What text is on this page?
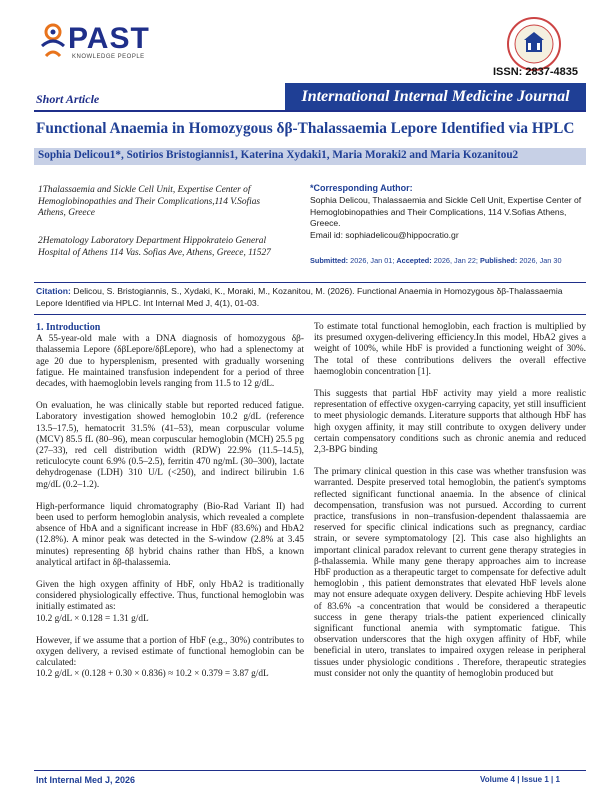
PAST
KNOWLEDGE PEOPLE
ISSN: 2837-4835
Short Article	International Internal Medicine Journal
Functional Anaemia in Homozygous δβ-Thalassaemia Lepore Identified via HPLC
Sophia Delicou1*, Sotirios Bristogiannis1, Katerina Xydaki1, Maria Moraki2 and Maria Kozanitou2
1Thalassaemia and Sickle Cell Unit, Expertise Center of Hemoglobinopathies and Their Complications,114 V.Sofias Athens, Greece
2Hematology Laboratory Department Hippokrateio General Hospital of Athens 114 Vas. Sofias Ave, Athens, Greece, 11527
*Corresponding Author:
Sophia Delicou, Thalassaemia and Sickle Cell Unit, Expertise Center of Hemoglobinopathies and Their Complications, 114 V.Sofias Athens, Greece.
Email id: sophiadelicou@hippocratio.gr
Submitted: 2026, Jan 01; Accepted: 2026, Jan 22; Published: 2026, Jan 30
Citation: Delicou, S. Bristogiannis, S., Xydaki, K., Moraki, M., Kozanitou, M. (2026). Functional Anaemia in Homozygous δβ-Thalassaemia Lepore Identified via HPLC. Int Internal Med J, 4(1), 01-03.
1. Introduction

A 55-year-old male with a DNA diagnosis of homozygous δβ-thalassemia Lepore (δβLepore/δβLepore), who had a splenectomy at age 20 due to hypersplenism, presented with gradually worsening fatigue. He maintained transfusion independent for a period of three decades, with haemoglobin levels ranging from 11.5 to 12 g/dL.

On evaluation, he was clinically stable but reported reduced fatigue. Laboratory investigation showed hemoglobin 10.2 g/dL (reference 13.5–17.5), hematocrit 31.5% (41–53), mean corpuscular volume (MCV) 85.5 fL (80–96), mean corpuscular hemoglobin (MCH) 25.5 pg (27–33), red cell distribution width (RDW) 22.9% (11.5–14.5), reticulocyte count 6.9% (0.5–2.5), ferritin 470 ng/mL (30–300), lactate dehydrogenase (LDH) 310 U/L (<250), and indirect bilirubin 1.6 mg/dL (0.2–1.2).

High-performance liquid chromatography (Bio-Rad Variant II) had been used to perform hemoglobin analysis, which revealed a complete absence of HbA and a significant increase in HbF (83.6%) and HbA2 (12.8%). A minor peak was detected in the S-window (2.8% at 3.45 minutes) representing δβ hybrid chains rather than HbS, a known analytical artifact in δβ-thalassemia.

Given the high oxygen affinity of HbF, only HbA2 is traditionally considered physiologically effective. Thus, functional hemoglobin was initially estimated as:

10.2 g/dL × 0.128 = 1.31 g/dL

However, if we assume that a portion of HbF (e.g., 30%) contributes to oxygen delivery, a revised estimate of functional hemoglobin can be calculated:

10.2 g/dL × (0.128 + 0.30 × 0.836) ≈ 10.2 × 0.379 = 3.87 g/dL

To estimate total functional hemoglobin, each fraction is multiplied by its presumed oxygen-delivering efficiency.In this model, HbA2 gives a weight of 100%, while HbF is provided a functioning weight of 30%. The total of these contributions delivers the overall effective haemoglobin concentration [1].

This suggests that partial HbF activity may yield a more realistic representation of effective oxygen-carrying capacity, yet still insufficient to meet physiologic demands. Literature supports that although HbF has high oxygen affinity, it may still contribute to oxygen delivery under certain compensatory conditions such as chronic anemia and reduced 2,3-BPG binding

The primary clinical question in this case was whether transfusion was warranted. Despite preserved total hemoglobin, the patient's symptoms reflected significant functional anaemia. In the absence of clinical decompensation, transfusion was not pursued. According to current practice, transfusions in non–transfusion-dependent thalassaemia are reserved for specific clinical indications such as pregnancy, cardiac strain, or severe symptomatology [2]. This case also highlights an important clinical paradox relevant to current gene therapy strategies in β-thalassemia. While many gene therapy approaches aim to increase HbF production as a therapeutic target to compensate for defective adult hemoglobin , this patient demonstrates that elevated HbF levels alone may not ensure adequate oxygen delivery. Despite achieving HbF levels of 83.6% -a concentration that would be considered a therapeutic success in gene therapy trials-the patient experienced clinically significant functional anemia with symptomatic fatigue. This observation underscores that the high oxygen affinity of HbF, while beneficial in utero, translates to impaired oxygen release in peripheral tissues under physiologic conditions . Therefore, therapeutic strategies must consider not only the quantity of hemoglobin produced but

Int Internal Med J, 2026	Volume 4 | Issue 1 | 1
